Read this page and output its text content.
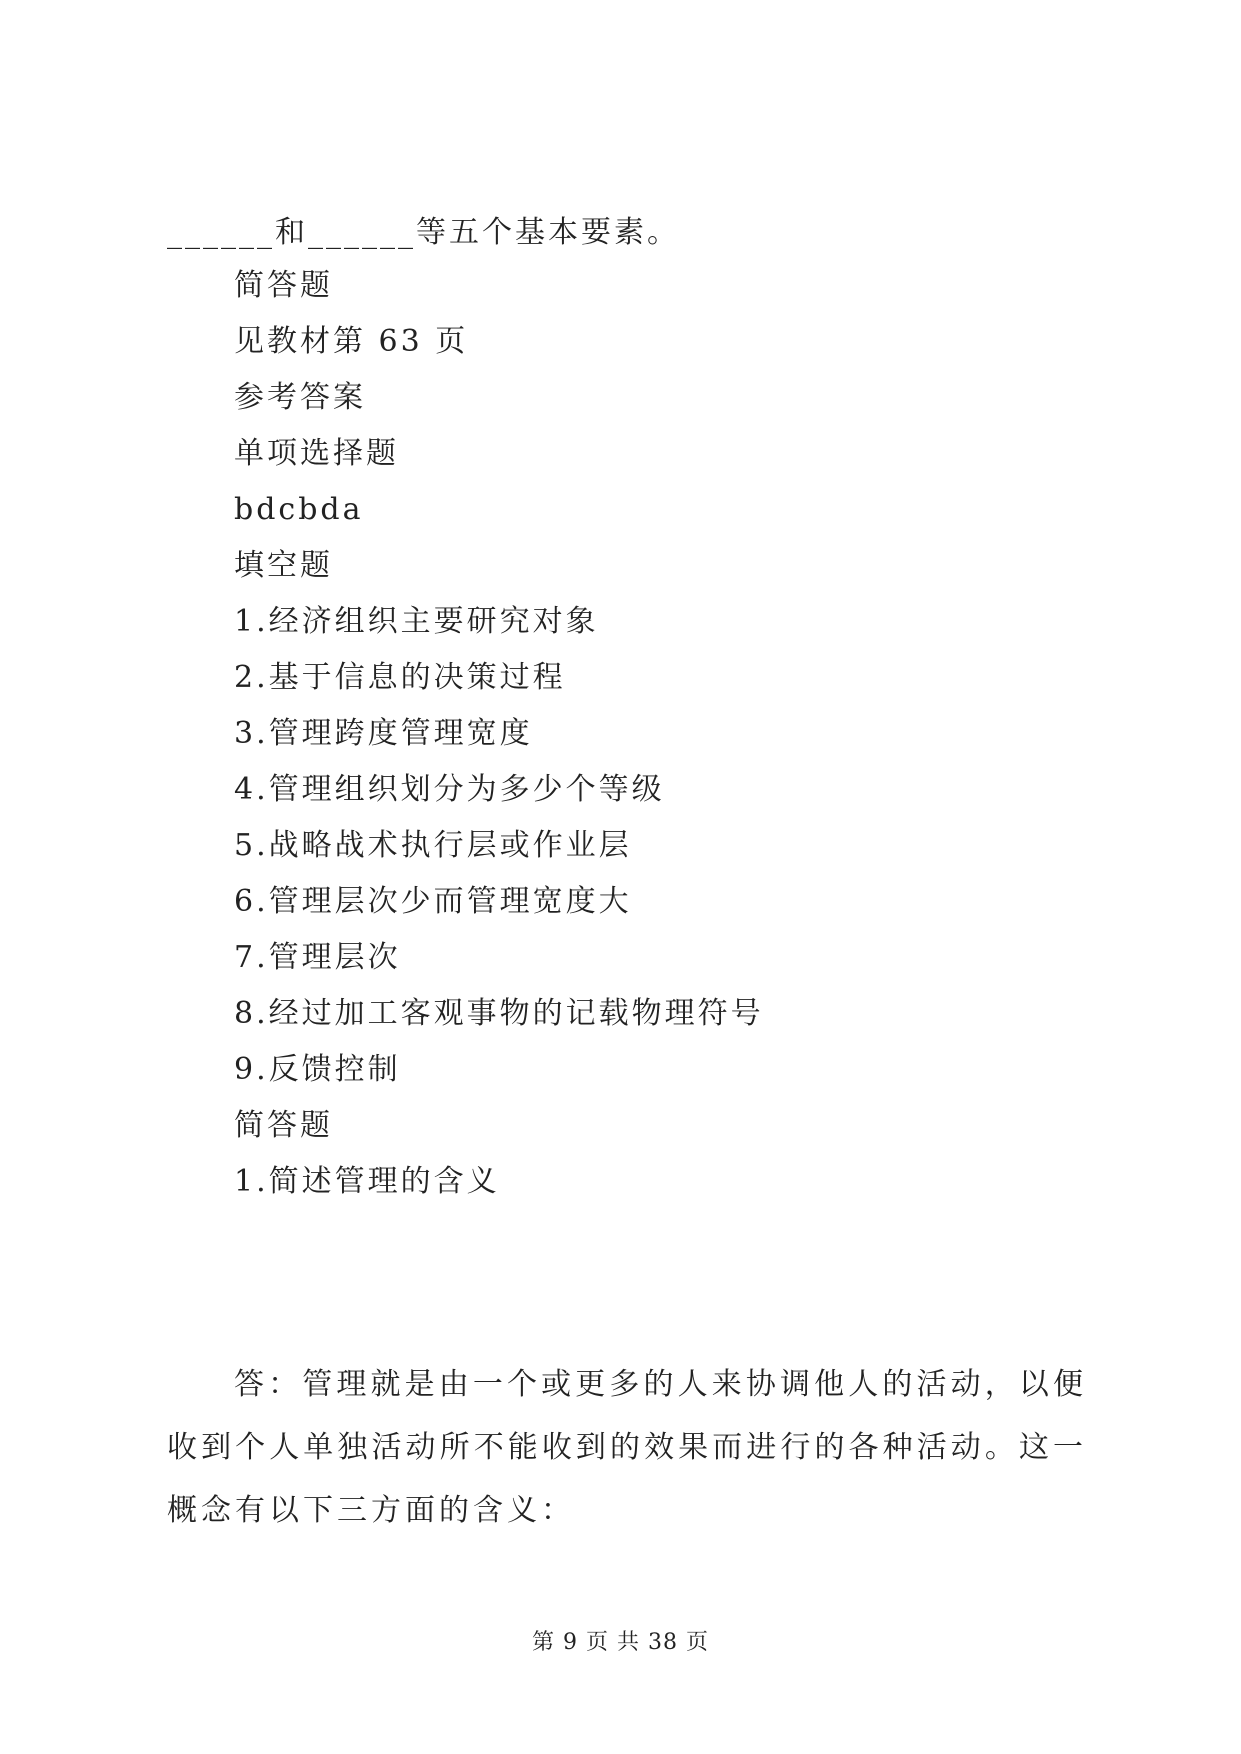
______和______等五个基本要素。
简答题
见教材第 63 页
参考答案
单项选择题
bdcbda
填空题
1.经济组织主要研究对象
2.基于信息的决策过程
3.管理跨度管理宽度
4.管理组织划分为多少个等级
5.战略战术执行层或作业层
6.管理层次少而管理宽度大
7.管理层次
8.经过加工客观事物的记载物理符号
9.反馈控制
简答题
1.简述管理的含义
答：管理就是由一个或更多的人来协调他人的活动，以便收到个人单独活动所不能收到的效果而进行的各种活动。这一概念有以下三方面的含义：
第 9 页 共 38 页
